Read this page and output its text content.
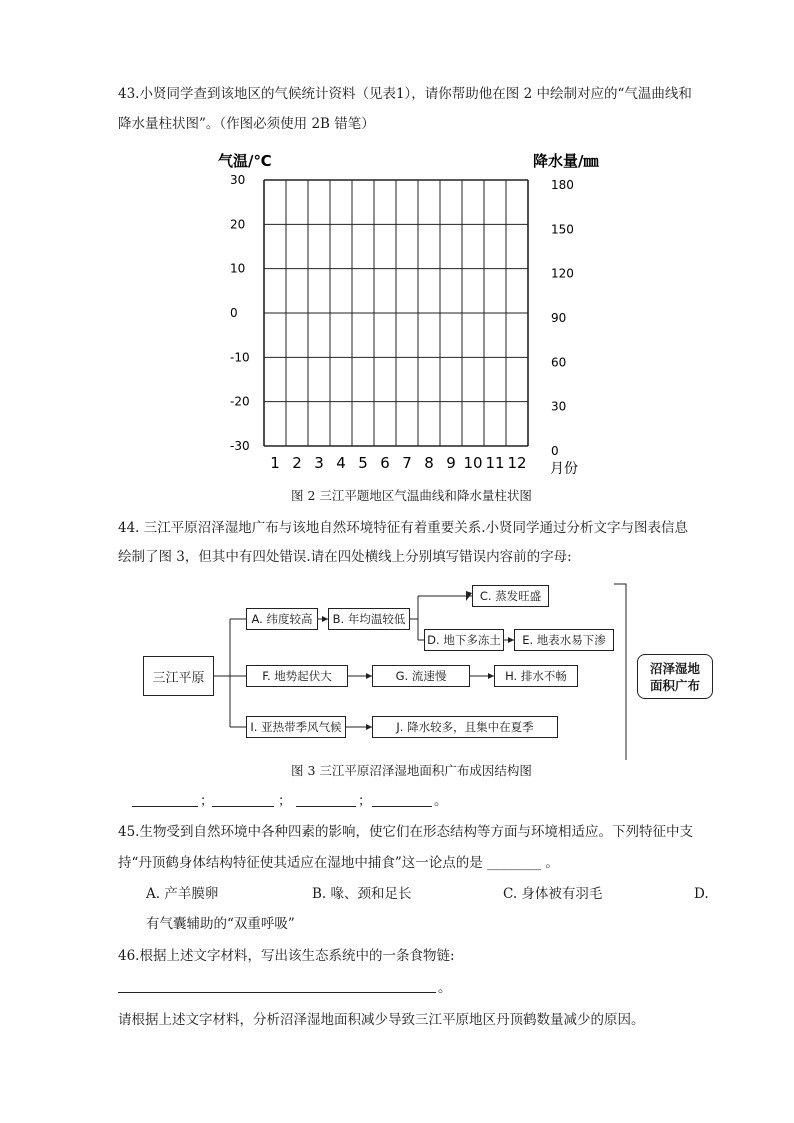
43.小贤同学查到该地区的气候统计资料（见表1），请你帮助他在图 2 中绘制对应的“气温曲线和
降水量柱状图”。（作图必须使用 2B 错笔）
气温/℃	降水量/㎜
30
20
10
0
-10
-20
-30
180
150
120
90
60
30
0
1 2 3 4 5 6 7 8 9 10 11 12 月份
图 2 三江平题地区气温曲线和降水量柱状图
44. 三江平原沼泽湿地广布与该地自然环境特征有着重要关系.小贤同学通过分析文字与图表信息
绘制了图 3，但其中有四处错误.请在四处横线上分别填写错误内容前的字母:
三江平原
A. 纬度较高	B. 年均温较低
C. 蒸发旺盛
D. 地下多冻土	E. 地表水易下渗
F. 地势起伏大	G. 流速慢	H. 排水不畅
I. 亚热带季风气候	J. 降水较多，且集中在夏季
沼泽湿地
面积广布
图 3 三江平原沼泽湿地面积广布成因结构图
；	；	；	。
45.生物受到自然环境中各种四素的影响，使它们在形态结构等方面与环境相适应。下列特征中支
持“丹顶鹤身体结构特征使其适应在湿地中捕食”这一论点的是 ________ 。
A. 产羊膜卵	B. 喙、颈和足长	C. 身体被有羽毛	D.
有气囊辅助的“双重呼吸”
46.根据上述文字材料，写出该生态系统中的一条食物链:
。
请根据上述文字材料，分析沼泽湿地面积减少导致三江平原地区丹顶鹤数量减少的原因。
